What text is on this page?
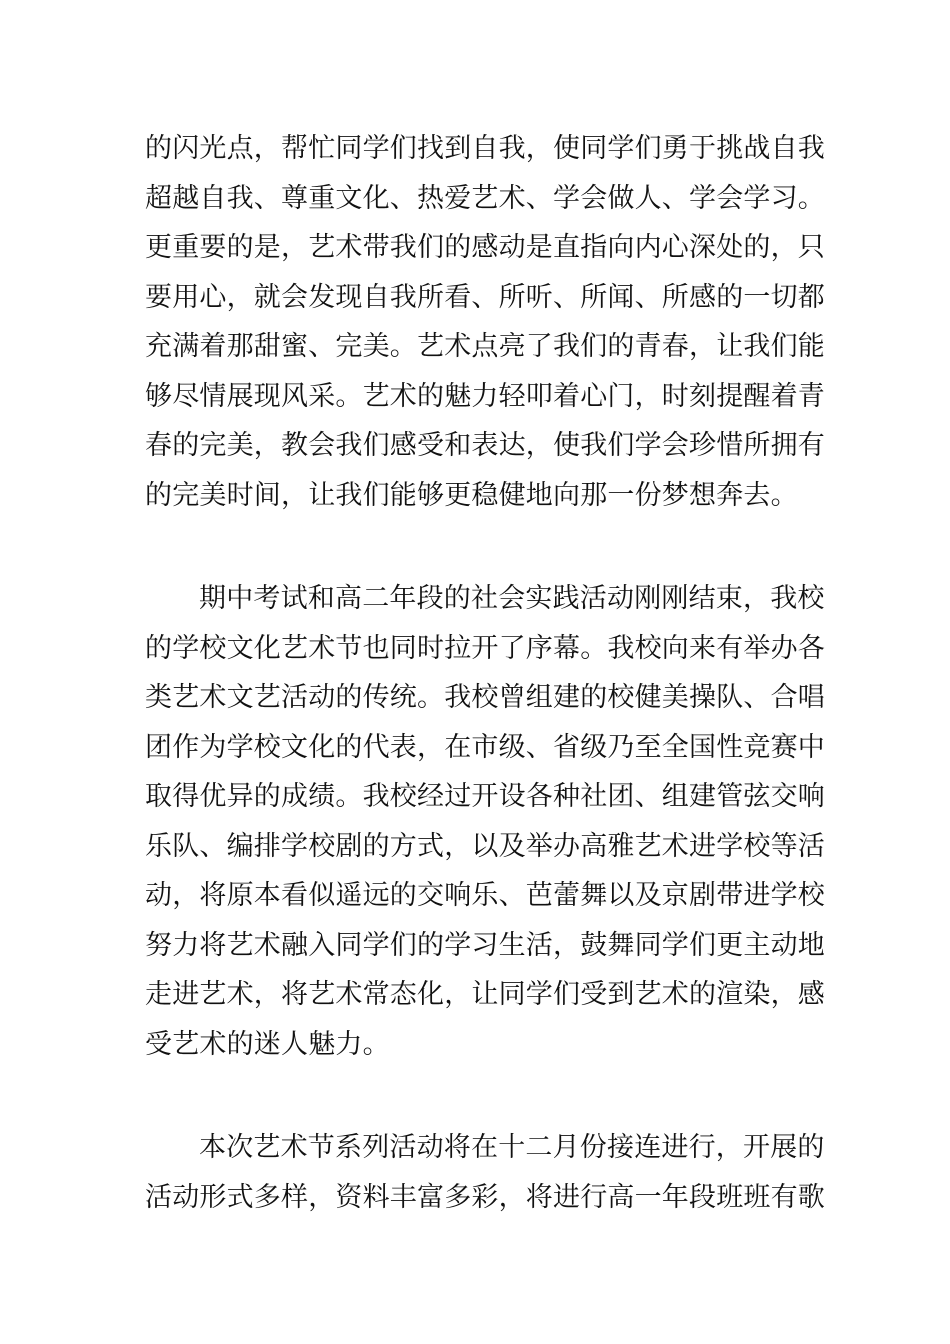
的闪光点，帮忙同学们找到自我，使同学们勇于挑战自我
超越自我、尊重文化、热爱艺术、学会做人、学会学习。
更重要的是，艺术带我们的感动是直指向内心深处的，只
要用心，就会发现自我所看、所听、所闻、所感的一切都
充满着那甜蜜、完美。艺术点亮了我们的青春，让我们能
够尽情展现风采。艺术的魅力轻叩着心门，时刻提醒着青
春的完美，教会我们感受和表达，使我们学会珍惜所拥有
的完美时间，让我们能够更稳健地向那一份梦想奔去。
期中考试和高二年段的社会实践活动刚刚结束，我校
的学校文化艺术节也同时拉开了序幕。我校向来有举办各
类艺术文艺活动的传统。我校曾组建的校健美操队、合唱
团作为学校文化的代表，在市级、省级乃至全国性竞赛中
取得优异的成绩。我校经过开设各种社团、组建管弦交响
乐队、编排学校剧的方式，以及举办高雅艺术进学校等活
动，将原本看似遥远的交响乐、芭蕾舞以及京剧带进学校
努力将艺术融入同学们的学习生活，鼓舞同学们更主动地
走进艺术，将艺术常态化，让同学们受到艺术的渲染，感
受艺术的迷人魅力。
本次艺术节系列活动将在十二月份接连进行，开展的
活动形式多样，资料丰富多彩，将进行高一年段班班有歌
